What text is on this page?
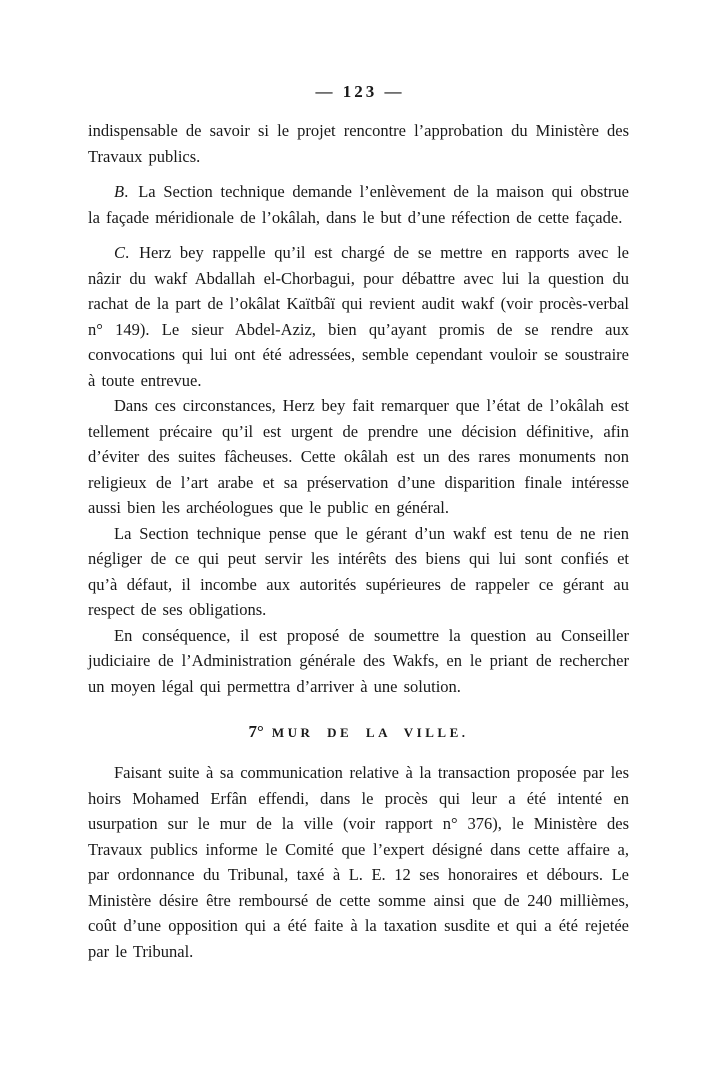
— 123 —

indispensable de savoir si le projet rencontre l’approbation du Ministère des Travaux publics.

B. La Section technique demande l’enlèvement de la maison qui obstrue la façade méridionale de l’okâlah, dans le but d’une réfection de cette façade.

C. Herz bey rappelle qu’il est chargé de se mettre en rapports avec le nâzir du wakf Abdallah el-Chorbagui, pour débattre avec lui la question du rachat de la part de l’okâlat Kaïtbâï qui revient audit wakf (voir procès-verbal n° 149). Le sieur Abdel-Aziz, bien qu’ayant promis de se rendre aux convocations qui lui ont été adressées, semble cependant vouloir se soustraire à toute entrevue.

Dans ces circonstances, Herz bey fait remarquer que l’état de l’okâlah est tellement précaire qu’il est urgent de prendre une décision définitive, afin d’éviter des suites fâcheuses. Cette okâlah est un des rares monuments non religieux de l’art arabe et sa préservation d’une disparition finale intéresse aussi bien les archéologues que le public en général.

La Section technique pense que le gérant d’un wakf est tenu de ne rien négliger de ce qui peut servir les intérêts des biens qui lui sont confiés et qu’à défaut, il incombe aux autorités supérieures de rappeler ce gérant au respect de ses obligations.

En conséquence, il est proposé de soumettre la question au Conseiller judiciaire de l’Administration générale des Wakfs, en le priant de rechercher un moyen légal qui permettra d’arriver à une solution.

7° MUR DE LA VILLE.

Faisant suite à sa communication relative à la transaction proposée par les hoirs Mohamed Erfân effendi, dans le procès qui leur a été intenté en usurpation sur le mur de la ville (voir rapport n° 376), le Ministère des Travaux publics informe le Comité que l’expert désigné dans cette affaire a, par ordonnance du Tribunal, taxé à L. E. 12 ses honoraires et débours. Le Ministère désire être remboursé de cette somme ainsi que de 240 millièmes, coût d’une opposition qui a été faite à la taxation susdite et qui a été rejetée par le Tribunal.
